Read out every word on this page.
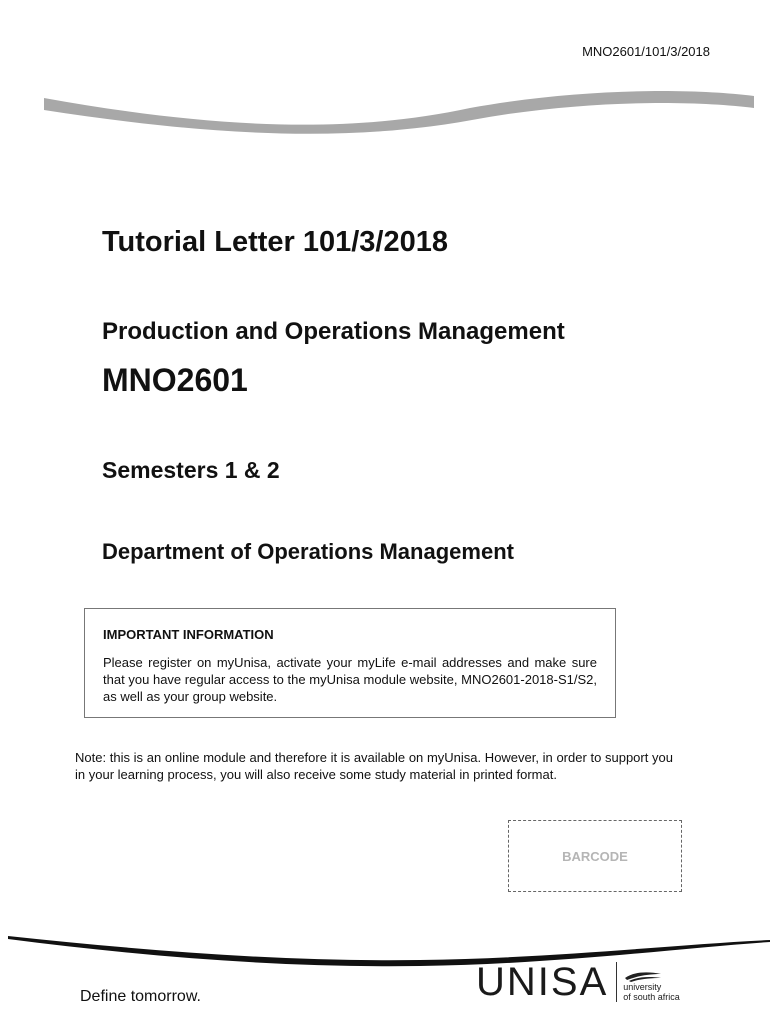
MNO2601/101/3/2018
Tutorial Letter 101/3/2018
Production and Operations Management
MNO2601
Semesters 1 & 2
Department of Operations Management
IMPORTANT INFORMATION
Please register on myUnisa, activate your myLife e-mail addresses and make sure that you have regular access to the myUnisa module website, MNO2601-2018-S1/S2, as well as your group website.
Note: this is an online module and therefore it is available on myUnisa. However, in order to support you in your learning process, you will also receive some study material in printed format.
BARCODE
Define tomorrow.	UNISA university
of south africa
